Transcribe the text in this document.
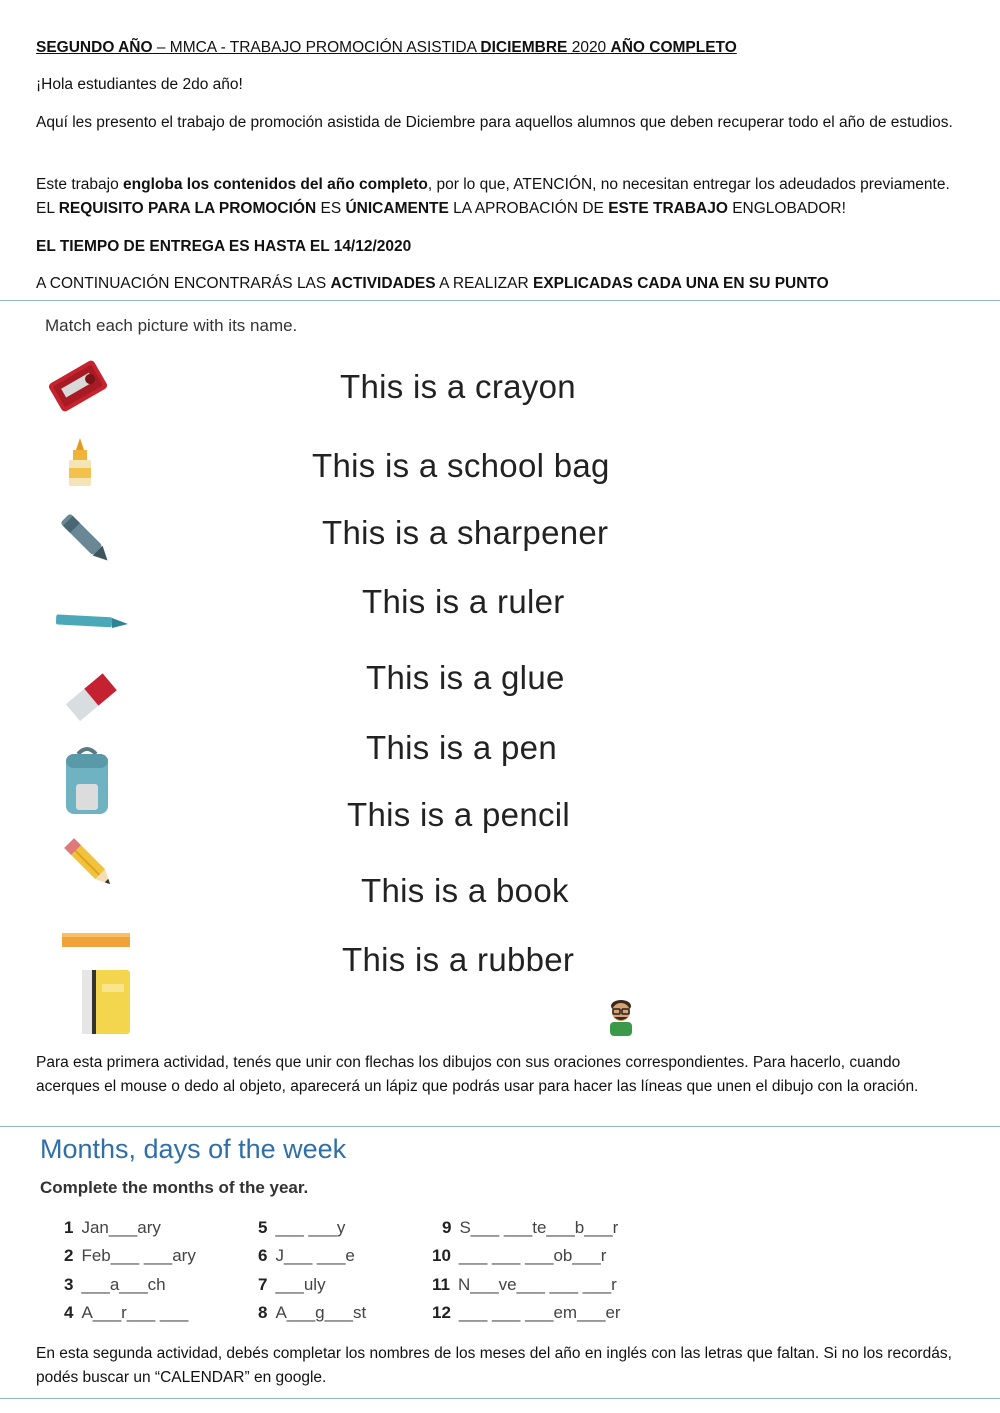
SEGUNDO AÑO – MMCA - TRABAJO PROMOCIÓN ASISTIDA DICIEMBRE 2020 AÑO COMPLETO
¡Hola estudiantes de 2do año!
Aquí les presento el trabajo de promoción asistida de Diciembre para aquellos alumnos que deben recuperar todo el año de estudios.
Este trabajo engloba los contenidos del año completo, por lo que, ATENCIÓN, no necesitan entregar los adeudados previamente. EL REQUISITO PARA LA PROMOCIÓN ES ÚNICAMENTE LA APROBACIÓN DE ESTE TRABAJO ENGLOBADOR!
EL TIEMPO DE ENTREGA ES HASTA EL 14/12/2020
A CONTINUACIÓN ENCONTRARÁS LAS ACTIVIDADES A REALIZAR EXPLICADAS CADA UNA EN SU PUNTO
Match each picture with its name.
This is a crayon
This is a school bag
This is a sharpener
This is a ruler
This is a glue
This is a pen
This is a pencil
This is a book
This is a rubber
Para esta primera actividad, tenés que unir con flechas los dibujos con sus oraciones correspondientes. Para hacerlo, cuando acerques el mouse o dedo al objeto, aparecerá un lápiz que podrás usar para hacer las líneas que unen el dibujo con la oración.
Months, days of the week
Complete the months of the year.
1 Jan___ary
2 Feb___ ___ary
3 ___a___ch
4 A___r___ ___
5 ___ ___y
6 J___ ___e
7 ___uly
8 A___g___st
9 S___ ___te___b___r
10 ___ ___ ___ob___r
11 N___ve___ ___ ___r
12 ___ ___ ___em___er
En esta segunda actividad, debés completar los nombres de los meses del año en inglés con las letras que faltan. Si no los recordás, podés buscar un “CALENDAR” en google.
